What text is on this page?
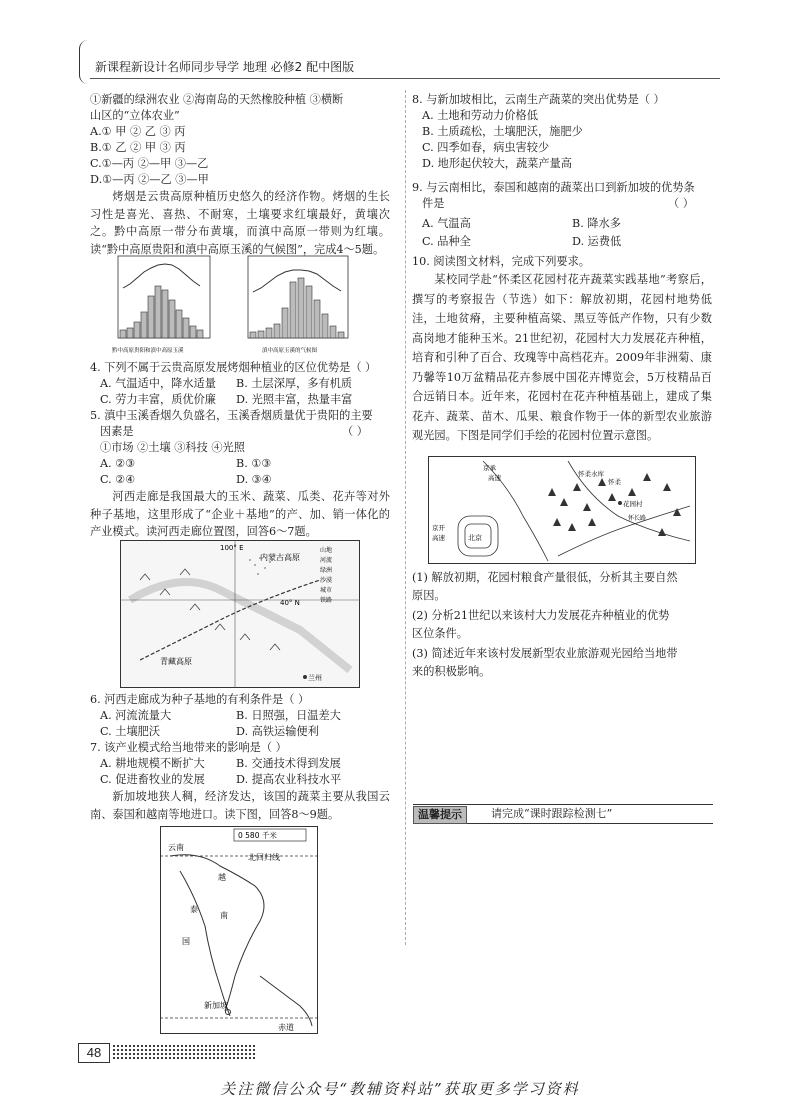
新课程新设计名师同步导学 地理 必修2 配中图版
①新疆的绿洲农业 ②海南岛的天然橡胶种植 ③横断
山区的“立体农业”
A.① 甲 ② 乙 ③ 丙
B.① 乙 ② 甲 ③ 丙
C.①—丙 ②—甲 ③—乙
D.①—丙 ②—乙 ③—甲
烤烟是云贵高原种植历史悠久的经济作物。烤烟的生长习性是喜光、喜热、不耐寒，土壤要求红壤最好，黄壤次之。黔中高原一带分布黄壤，而滇中高原一带则为红壤。读“黔中高原贵阳和滇中高原玉溪的气候图”，完成4～5题。
黔中高原贵阳和滇中高原玉溪	滇中高原玉溪的气候图
4. 下列不属于云贵高原发展烤烟种植业的区位优势是（ ）
A. 气温适中，降水适量 B. 土层深厚，多有机质
C. 劳力丰富，质优价廉 D. 光照丰富，热量丰富
5. 滇中玉溪香烟久负盛名，玉溪香烟质量优于贵阳的主要
因素是	（ ）
①市场 ②土壤 ③科技 ④光照
A. ②③	B. ①③
C. ②④	D. ③④
河西走廊是我国最大的玉米、蔬菜、瓜类、花卉等对外种子基地，这里形成了“企业＋基地”的产、加、销一体化的产业模式。读河西走廊位置图，回答6～7题。
100° E
40° N
内蒙古高原
青藏高原
兰州
山地
河流
绿洲
沙漠
城市
铁路
6. 河西走廊成为种子基地的有利条件是（ ）
A. 河流流量大	B. 日照强，日温差大
C. 土壤肥沃	D. 高铁运输便利
7. 该产业模式给当地带来的影响是（ ）
A. 耕地规模不断扩大	B. 交通技术得到发展
C. 促进畜牧业的发展	D. 提高农业科技水平
新加坡地狭人稠，经济发达，该国的蔬菜主要从我国云南、泰国和越南等地进口。读下图，回答8～9题。
0 580 千米
云南
北回归线
越
泰
南
国
新加坡
赤道
8. 与新加坡相比，云南生产蔬菜的突出优势是（ ）
A. 土地和劳动力价格低
B. 土质疏松，土壤肥沃，施肥少
C. 四季如春，病虫害较少
D. 地形起伏较大，蔬菜产量高
9. 与云南相比，泰国和越南的蔬菜出口到新加坡的优势条
件是	（ ）
A. 气温高	B. 降水多
C. 品种全	D. 运费低
10. 阅读图文材料，完成下列要求。
某校同学赴“怀柔区花园村花卉蔬菜实践基地”考察后，撰写的考察报告（节选）如下：解放初期，花园村地势低洼，土地贫瘠，主要种植高粱、黑豆等低产作物，只有少数高岗地才能种玉米。21世纪初，花园村大力发展花卉种植，培育和引种了百合、玫瑰等中高档花卉。2009年非洲菊、康乃馨等10万盆精品花卉参展中国花卉博览会，5万枝精品百合远销日本。近年来，花园村在花卉种植基础上，建成了集花卉、蔬菜、苗木、瓜果、粮食作物于一体的新型农业旅游观光园。下图是同学们手绘的花园村位置示意图。
北京
怀柔水库
怀柔
花园村
怀长路
京承
高速
京开
高速
(1) 解放初期，花园村粮食产量很低，分析其主要自然
原因。
(2) 分析21世纪以来该村大力发展花卉种植业的优势
区位条件。
(3) 简述近年来该村发展新型农业旅游观光园给当地带
来的积极影响。
温馨提示	请完成“课时跟踪检测七”
48
关注微信公众号“教辅资料站”获取更多学习资料
